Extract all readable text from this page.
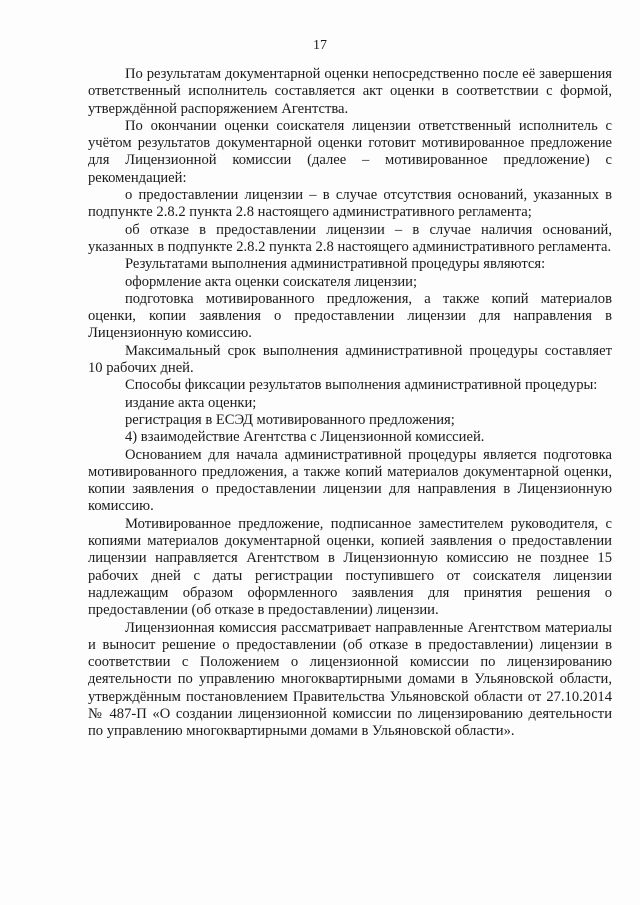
17

По результатам документарной оценки непосредственно после её завершения ответственный исполнитель составляется акт оценки в соответствии с формой, утверждённой распоряжением Агентства.

По окончании оценки соискателя лицензии ответственный исполнитель с учётом результатов документарной оценки готовит мотивированное предложение для Лицензионной комиссии (далее – мотивированное предложение) с рекомендацией:

о предоставлении лицензии – в случае отсутствия оснований, указанных в подпункте 2.8.2 пункта 2.8 настоящего административного регламента;

об отказе в предоставлении лицензии – в случае наличия оснований, указанных в подпункте 2.8.2 пункта 2.8 настоящего административного регламента.

Результатами выполнения административной процедуры являются:

оформление акта оценки соискателя лицензии;

подготовка мотивированного предложения, а также копий материалов оценки, копии заявления о предоставлении лицензии для направления в Лицензионную комиссию.

Максимальный срок выполнения административной процедуры составляет 10 рабочих дней.

Способы фиксации результатов выполнения административной процедуры:

издание акта оценки;

регистрация в ЕСЭД мотивированного предложения;

4) взаимодействие Агентства с Лицензионной комиссией.

Основанием для начала административной процедуры является подготовка мотивированного предложения, а также копий материалов документарной оценки, копии заявления о предоставлении лицензии для направления в Лицензионную комиссию.

Мотивированное предложение, подписанное заместителем руководителя, с копиями материалов документарной оценки, копией заявления о предоставлении лицензии направляется Агентством в Лицензионную комиссию не позднее 15 рабочих дней с даты регистрации поступившего от соискателя лицензии надлежащим образом оформленного заявления для принятия решения о предоставлении (об отказе в предоставлении) лицензии.

Лицензионная комиссия рассматривает направленные Агентством материалы и выносит решение о предоставлении (об отказе в предоставлении) лицензии в соответствии с Положением о лицензионной комиссии по лицензированию деятельности по управлению многоквартирными домами в Ульяновской области, утверждённым постановлением Правительства Ульяновской области от 27.10.2014 № 487-П «О создании лицензионной комиссии по лицензированию деятельности по управлению многоквартирными домами в Ульяновской области».
